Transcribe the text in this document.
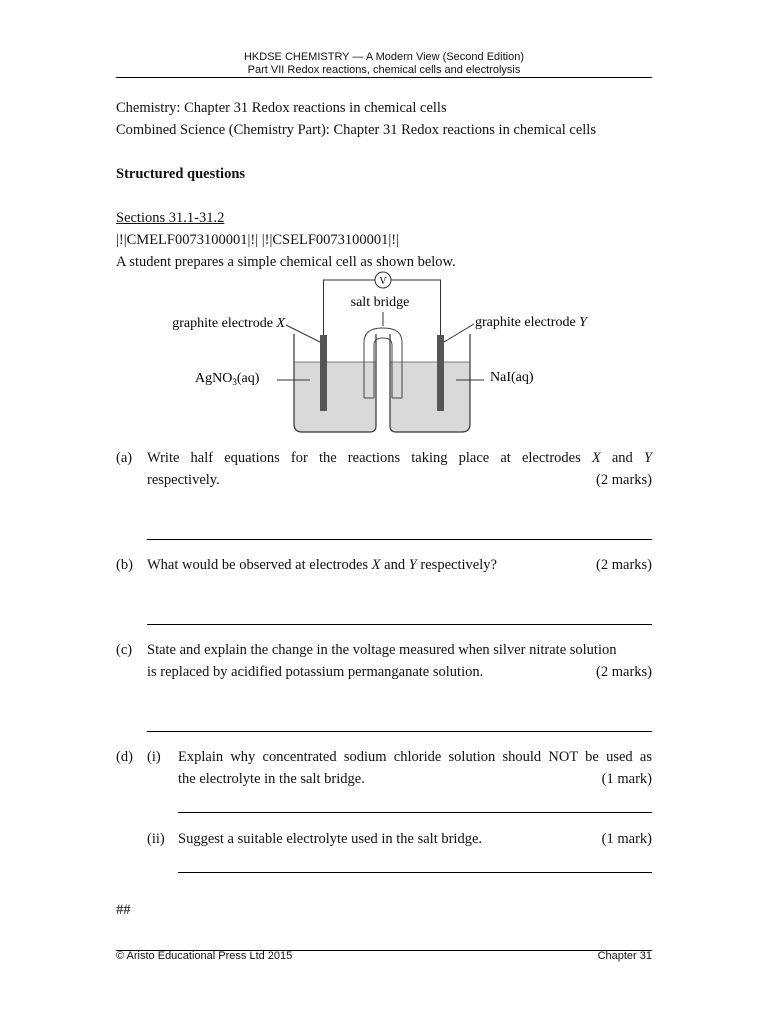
HKDSE CHEMISTRY — A Modern View (Second Edition)
Part VII Redox reactions, chemical cells and electrolysis
Chemistry: Chapter 31 Redox reactions in chemical cells
Combined Science (Chemistry Part): Chapter 31 Redox reactions in chemical cells
Structured questions
Sections 31.1-31.2
|!|CMELF0073100001|!| |!|CSELF0073100001|!|
A student prepares a simple chemical cell as shown below.
V
salt bridge
graphite electrode X	graphite electrode Y
AgNO$_3$(aq)	NaI(aq)
(a) Write half equations for the reactions taking place at electrodes X and Y
respectively.	(2 marks)
(b) What would be observed at electrodes X and Y respectively?	(2 marks)
(c) State and explain the change in the voltage measured when silver nitrate solution
is replaced by acidified potassium permanganate solution.	(2 marks)
(d) (i) Explain why concentrated sodium chloride solution should NOT be used as
the electrolyte in the salt bridge.	(1 mark)
(ii) Suggest a suitable electrolyte used in the salt bridge.	(1 mark)
##
© Aristo Educational Press Ltd 2015	Chapter 31
